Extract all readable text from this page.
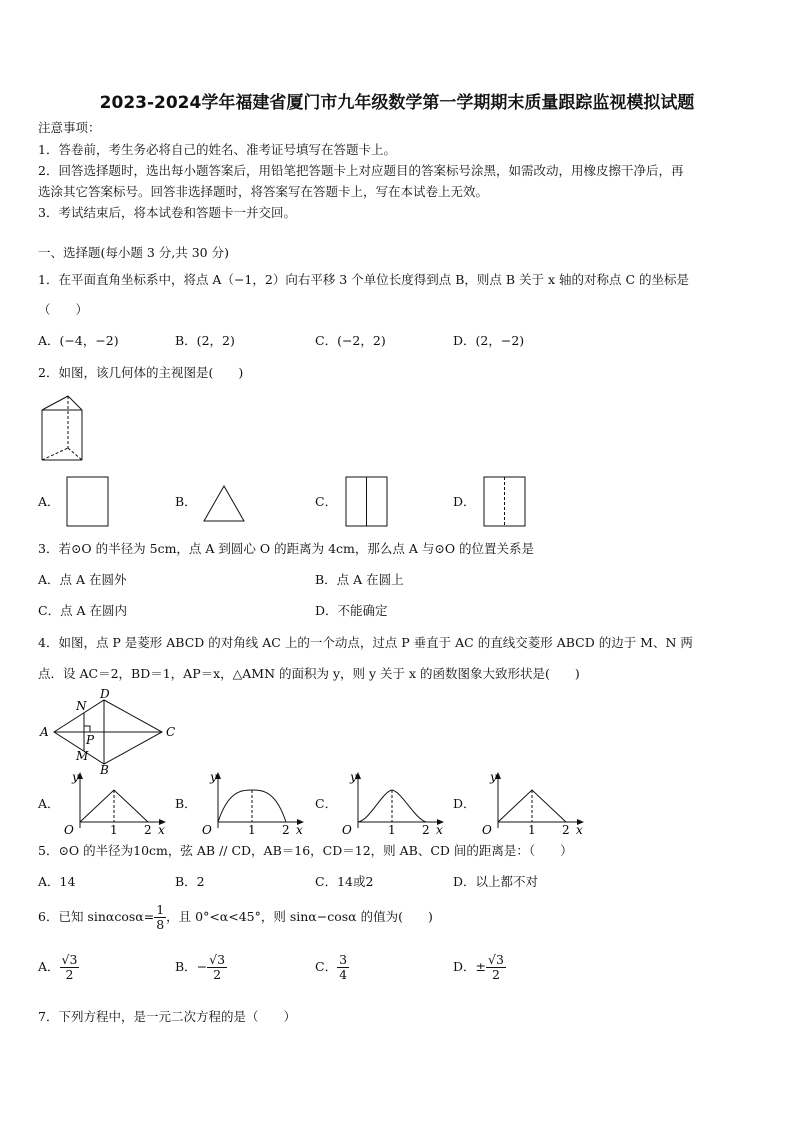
2023-2024学年福建省厦门市九年级数学第一学期期末质量跟踪监视模拟试题
注意事项：
1．答卷前，考生务必将自己的姓名、准考证号填写在答题卡上。
2．回答选择题时，选出每小题答案后，用铅笔把答题卡上对应题目的答案标号涂黑，如需改动，用橡皮擦干净后，再
选涂其它答案标号。回答非选择题时，将答案写在答题卡上，写在本试卷上无效。
3．考试结束后，将本试卷和答题卡一并交回。
一、选择题(每小题 3 分,共 30 分)
1．在平面直角坐标系中，将点 A（−1，2）向右平移 3 个单位长度得到点 B，则点 B 关于 x 轴的对称点 C 的坐标是
（　　）
A．(−4，−2)	B．(2，2)	C．(−2，2)	D．(2，−2)
2．如图，该几何体的主视图是(　　)
A．	B．	C．	D．
3．若⊙O 的半径为 5cm，点 A 到圆心 O 的距离为 4cm，那么点 A 与⊙O 的位置关系是
A．点 A 在圆外	B．点 A 在圆上
C．点 A 在圆内	D．不能确定
4．如图，点 P 是菱形 ABCD 的对角线 AC 上的一个动点，过点 P 垂直于 AC 的直线交菱形 ABCD 的边于 M、N 两
点．设 AC＝2，BD＝1，AP＝x，△AMN 的面积为 y，则 y 关于 x 的函数图象大致形状是(　　)
A
D
C
B
N
P
M
A．	B．	C．	D．
y
x
O	1 2
y
x
O	1 2
y
x
O	1 2
y
x
O	1 2
5．⊙O 的半径为10cm，弦 AB // CD，AB＝16，CD＝12，则 AB、CD 间的距离是：（　　）
A．14	B．2	C．14或2	D．以上都不对
6．已知 $\sin\alpha\cos\alpha= \frac{1}{8}$ ，且 0°<α<45°，则 sinα−cosα 的值为(　　)
A． $\frac{√3}{2}$	B．− $\frac{√3}{2}$	C． $\frac{3}{4}$	D．± $\frac{√3}{2}$
7．下列方程中，是一元二次方程的是（　　）
